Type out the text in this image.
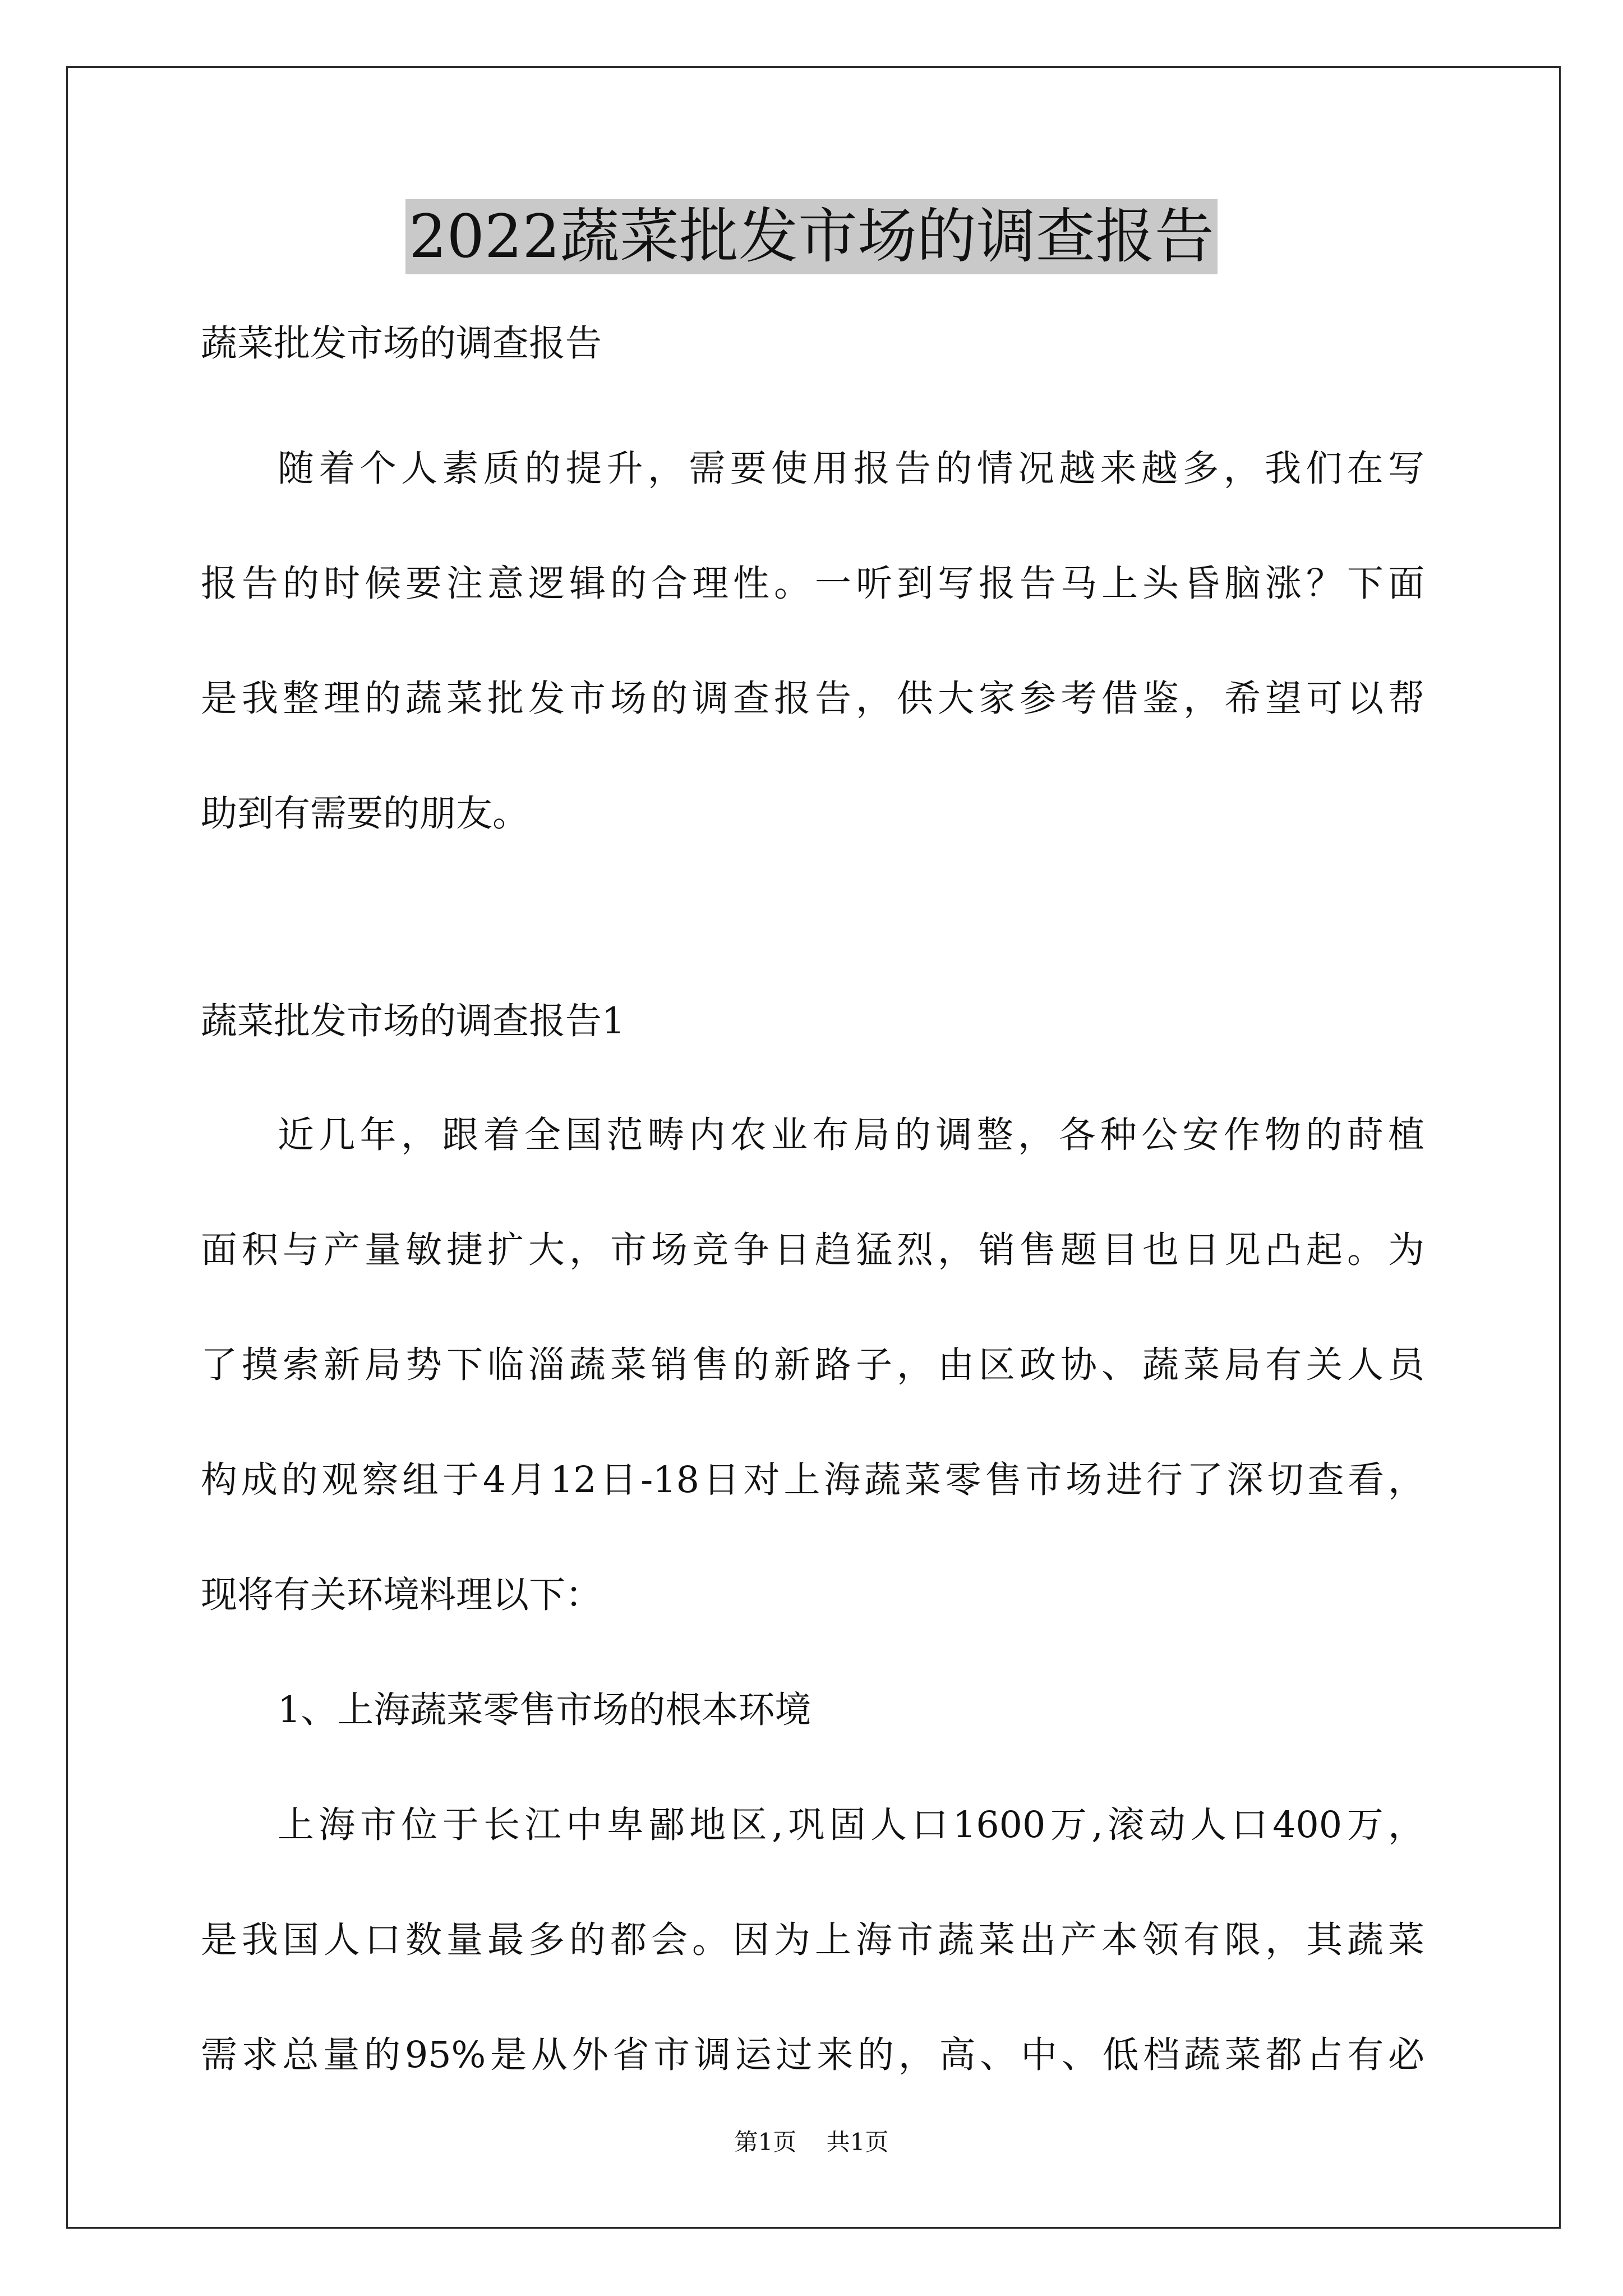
2022蔬菜批发市场的调查报告

蔬菜批发市场的调查报告

随着个人素质的提升，需要使用报告的情况越来越多，我们在写

报告的时候要注意逻辑的合理性。一听到写报告马上头昏脑涨？下面

是我整理的蔬菜批发市场的调查报告，供大家参考借鉴，希望可以帮

助到有需要的朋友。

蔬菜批发市场的调查报告1

近几年，跟着全国范畴内农业布局的调整，各种公安作物的莳植

面积与产量敏捷扩大，市场竞争日趋猛烈，销售题目也日见凸起。为

了摸索新局势下临淄蔬菜销售的新路子，由区政协、蔬菜局有关人员

构成的观察组于4月12日-18日对上海蔬菜零售市场进行了深切查看，

现将有关环境料理以下：

1、上海蔬菜零售市场的根本环境

上海市位于长江中卑鄙地区,巩固人口1600万,滚动人口400万，

是我国人口数量最多的都会。因为上海市蔬菜出产本领有限，其蔬菜

需求总量的95%是从外省市调运过来的，高、中、低档蔬菜都占有必

第1页    共1页
